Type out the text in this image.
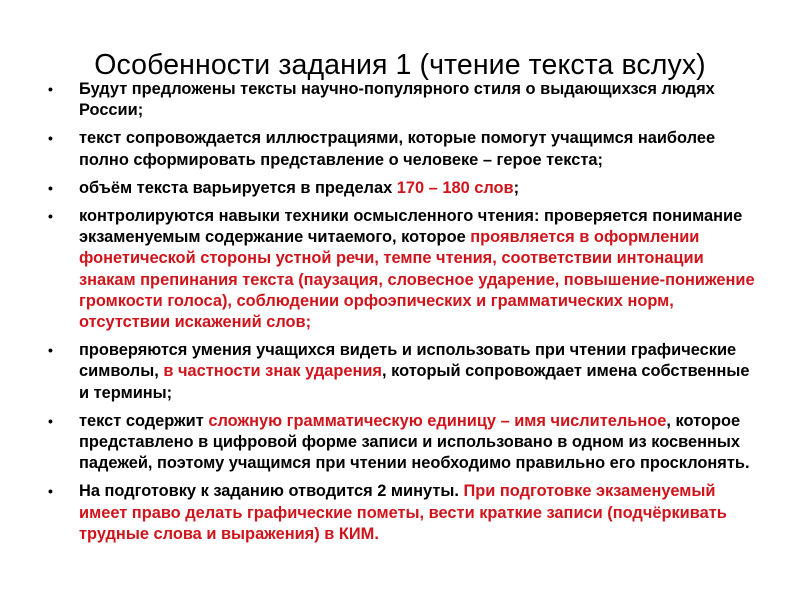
Особенности задания 1 (чтение текста вслух)
• Будут предложены тексты научно-популярного стиля о выдающихзся людях России;
• текст сопровождается иллюстрациями, которые помогут учащимся наиболее полно сформировать представление о человеке – герое текста;
• объём текста варьируется в пределах 170 – 180 слов;
• контролируются навыки техники осмысленного чтения: проверяется понимание экзаменуемым содержание читаемого, которое проявляется в оформлении фонетической стороны устной речи, темпе чтения, соответствии интонации знакам препинания текста (паузация, словесное ударение, повышение-понижение громкости голоса), соблюдении орфоэпических и грамматических норм, отсутствии искажений слов;
• проверяются умения учащихся видеть и использовать при чтении графические символы, в частности знак ударения, который сопровождает имена собственные и термины;
• текст содержит сложную грамматическую единицу – имя числительное, которое представлено в цифровой форме записи и использовано в одном из косвенных падежей, поэтому учащимся при чтении необходимо правильно его просклонять.
• На подготовку к заданию отводится 2 минуты. При подготовке экзаменуемый имеет право делать графические пометы, вести краткие записи (подчёркивать трудные слова и выражения) в КИМ.
